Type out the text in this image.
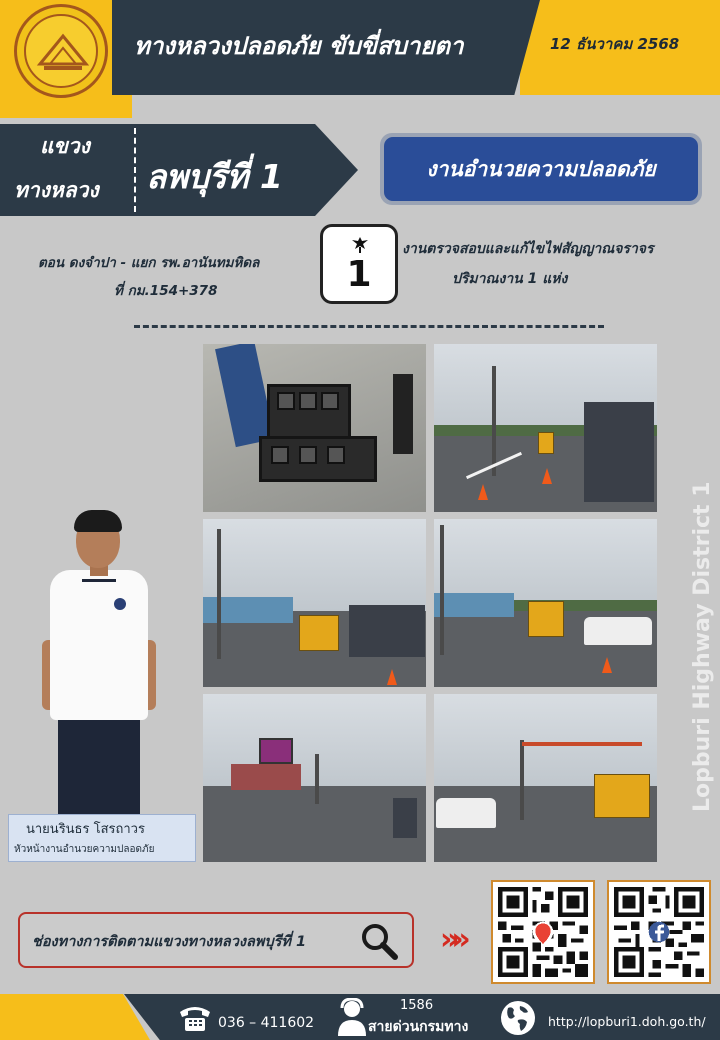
ทางหลวงปลอดภัย ขับขี่สบายตา	12 ธันวาคม 2568
แขวง
ทางหลวง ลพบุรีที่ 1	งานอำนวยความปลอดภัย
ตอน ดงจำปา - แยก รพ.อานันทมหิดล
ที่ กม.154+378	1
งานตรวจสอบและแก้ไขไฟสัญญาณจราจร
ปริมาณงาน 1 แห่ง
นายนรินธร โสรถาวร
หัวหน้างานอำนวยความปลอดภัย
Lopburi Highway District 1
ช่องทางการติดตามแขวงทางหลวงลพบุรีที่ 1	»»
036 – 411602
1586
สายด่วนกรมทาง	http://lopburi1.doh.go.th/
